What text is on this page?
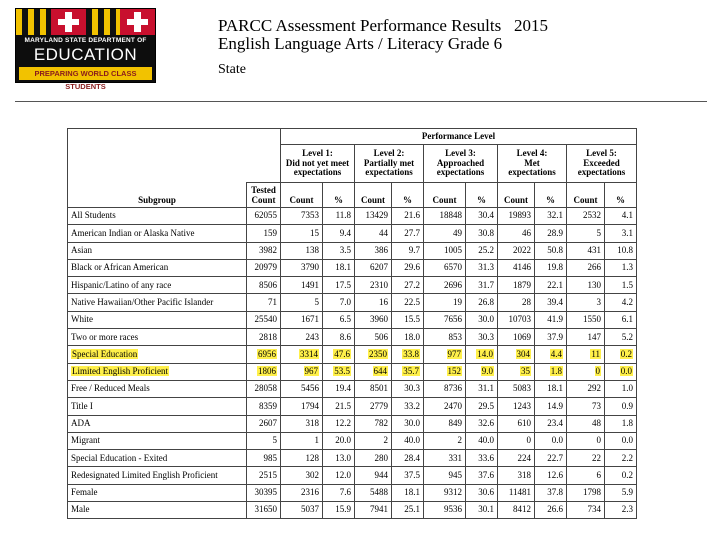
MARYLAND STATE DEPARTMENT OF
EDUCATION
PREPARING WORLD CLASS STUDENTS
PARCC Assessment Performance Results 2015
English Language Arts / Literacy Grade 6
State
		Performance Level									
		Level 1:
Did not yet meet
expectations		Level 2:
Partially met
expectations		Level 3:
Approached
expectations		Level 4:
Met
expectations		Level 5:
Exceeded
expectations	
Subgroup	Tested
Count	Count	%	Count	%	Count	%	Count	%	Count	%
All Students	62055	7353	11.8	13429	21.6	18848	30.4	19893	32.1	2532	4.1
American Indian or Alaska Native	159	15	9.4	44	27.7	49	30.8	46	28.9	5	3.1
Asian	3982	138	3.5	386	9.7	1005	25.2	2022	50.8	431	10.8
Black or African American	20979	3790	18.1	6207	29.6	6570	31.3	4146	19.8	266	1.3
Hispanic/Latino of any race	8506	1491	17.5	2310	27.2	2696	31.7	1879	22.1	130	1.5
Native Hawaiian/Other Pacific Islander	71	5	7.0	16	22.5	19	26.8	28	39.4	3	4.2
White	25540	1671	6.5	3960	15.5	7656	30.0	10703	41.9	1550	6.1
Two or more races	2818	243	8.6	506	18.0	853	30.3	1069	37.9	147	5.2
Special Education	6956	3314	47.6	2350	33.8	977	14.0	304	4.4	11	0.2
Limited English Proficient	1806	967	53.5	644	35.7	152	9.0	35	1.8	0	0.0
Free / Reduced Meals	28058	5456	19.4	8501	30.3	8736	31.1	5083	18.1	292	1.0
Title I	8359	1794	21.5	2779	33.2	2470	29.5	1243	14.9	73	0.9
ADA	2607	318	12.2	782	30.0	849	32.6	610	23.4	48	1.8
Migrant	5	1	20.0	2	40.0	2	40.0	0	0.0	0	0.0
Special Education - Exited	985	128	13.0	280	28.4	331	33.6	224	22.7	22	2.2
Redesignated Limited English Proficient	2515	302	12.0	944	37.5	945	37.6	318	12.6	6	0.2
Female	30395	2316	7.6	5488	18.1	9312	30.6	11481	37.8	1798	5.9
Male	31650	5037	15.9	7941	25.1	9536	30.1	8412	26.6	734	2.3
